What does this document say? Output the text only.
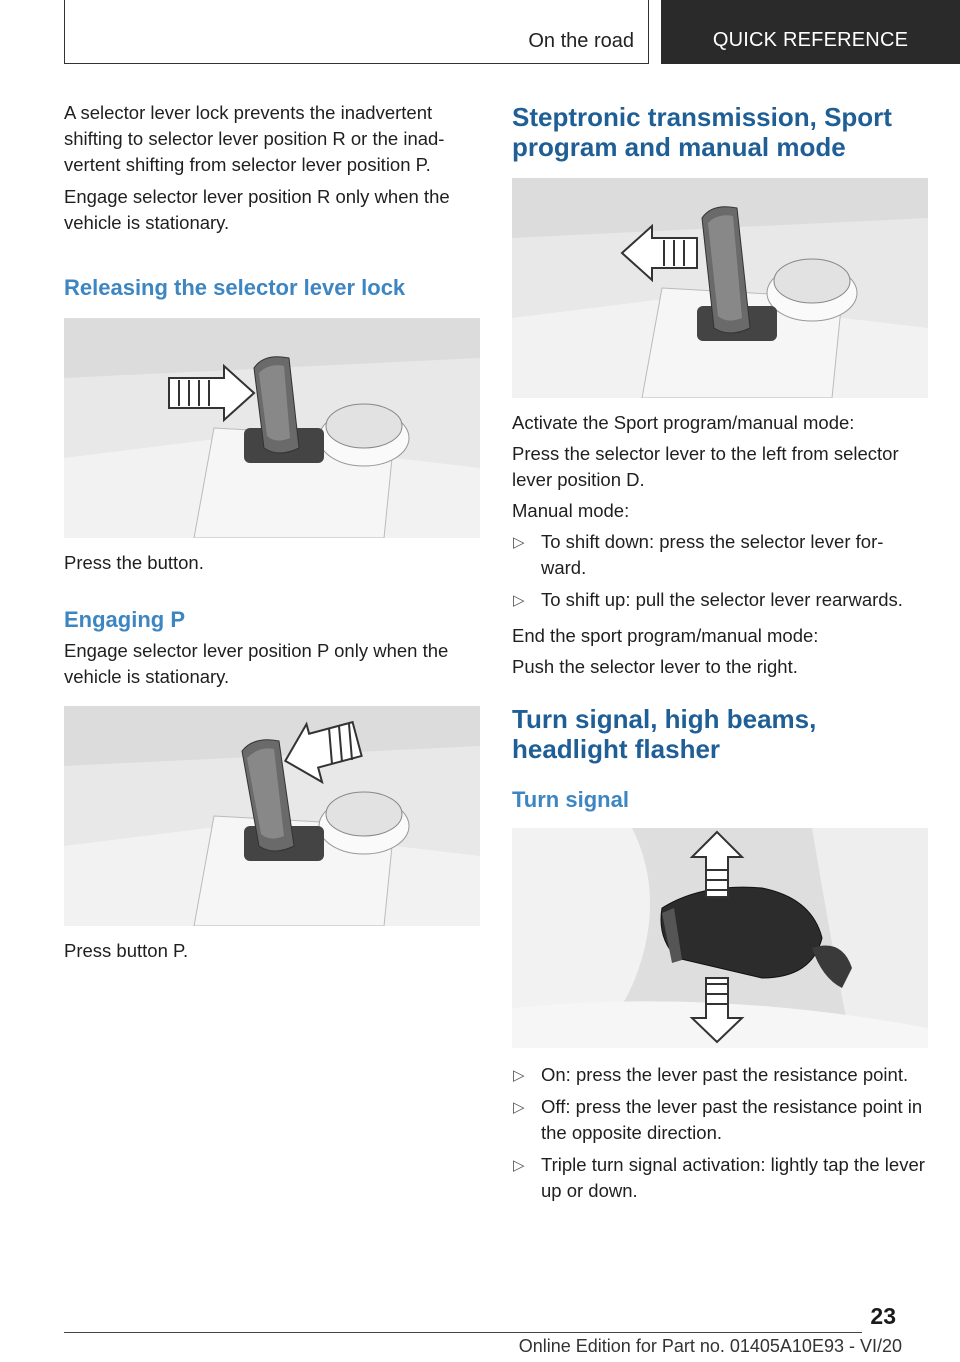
On the road	QUICK REFERENCE

A selector lever lock prevents the inadvertent shifting to selector lever position R or the inad‐ vertent shifting from selector lever position P.

Engage selector lever position R only when the vehicle is stationary.

Releasing the selector lever lock

Press the button.

Engaging P

Engage selector lever position P only when the vehicle is stationary.

Press button P.

Steptronic transmission, Sport program and manual mode

Activate the Sport program/manual mode:

Press the selector lever to the left from selector lever position D.

Manual mode:

▷ To shift down: press the selector lever for‐ ward.
▷ To shift up: pull the selector lever rearwards.

End the sport program/manual mode:

Push the selector lever to the right.

Turn signal, high beams, headlight flasher
Turn signal
▷ On: press the lever past the resistance point.
▷ Off: press the lever past the resistance point in the opposite direction.
▷ Triple turn signal activation: lightly tap the lever up or down.
23
Online Edition for Part no. 01405A10E93 - VI/20
